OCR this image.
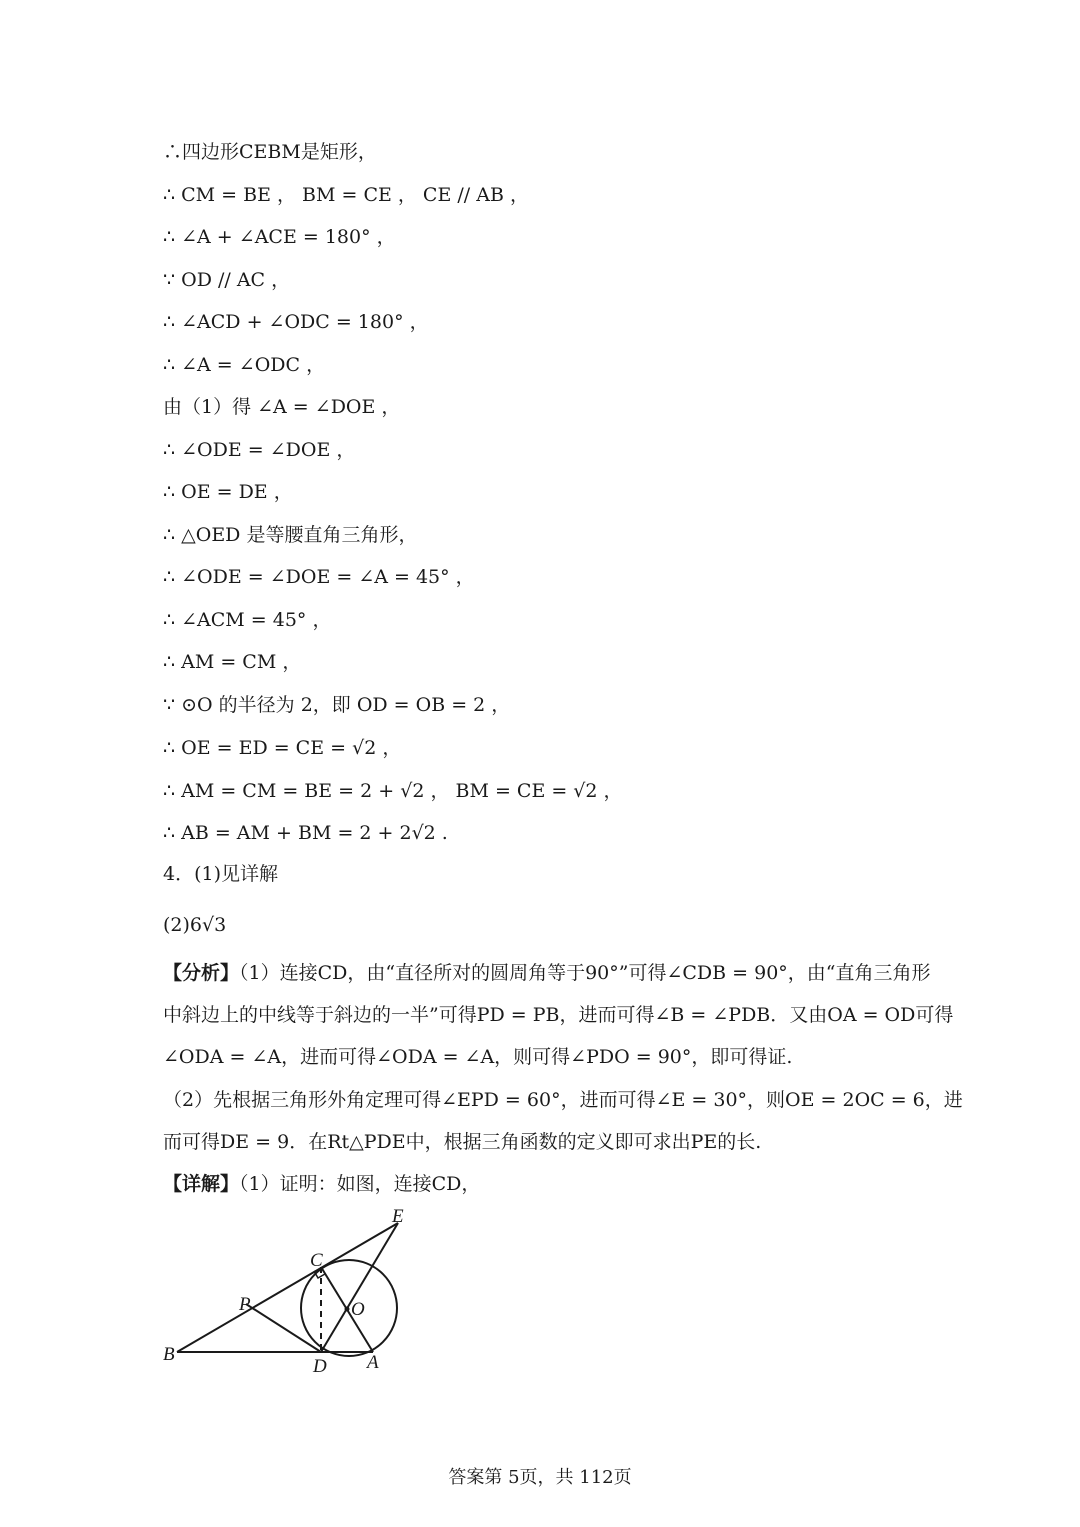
∴四边形CEBM是矩形，
∴ CM = BE ， BM = CE ， CE // AB ，
∴ ∠A + ∠ACE = 180° ，
∵ OD // AC ，
∴ ∠ACD + ∠ODC = 180° ，
∴ ∠A = ∠ODC ，
由（1）得 ∠A = ∠DOE ，
∴ ∠ODE = ∠DOE ，
∴ OE = DE ，
∴ △OED 是等腰直角三角形，
∴ ∠ODE = ∠DOE = ∠A = 45° ，
∴ ∠ACM = 45° ，
∴ AM = CM ，
∵ ⊙O 的半径为 2，即 OD = OB = 2 ，
∴ OE = ED = CE = √2 ，
∴ AM = CM = BE = 2 + √2 ， BM = CE = √2 ，
∴ AB = AM + BM = 2 + 2√2 .
4．(1)见详解
(2)6√3
【分析】（1）连接CD，由“直径所对的圆周角等于90°”可得∠CDB = 90°，由“直角三角形
中斜边上的中线等于斜边的一半”可得PD = PB，进而可得∠B = ∠PDB．又由OA = OD可得
∠ODA = ∠A，进而可得∠ODA = ∠A，则可得∠PDO = 90°，即可得证.
（2）先根据三角形外角定理可得∠EPD = 60°，进而可得∠E = 30°，则OE = 2OC = 6，进
而可得DE = 9．在Rt△PDE中，根据三角函数的定义即可求出PE的长.
【详解】（1）证明：如图，连接CD，
E
C
P	O
B
D A
答案第 5页，共 112页
